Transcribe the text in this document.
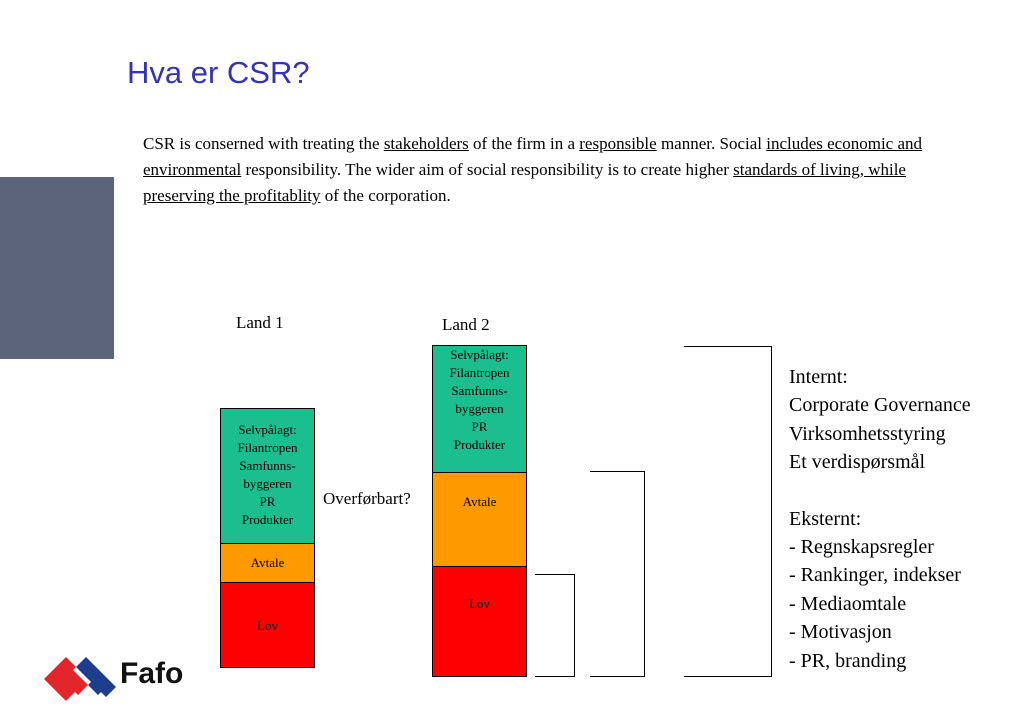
Hva er CSR?

CSR is conserned with treating the stakeholders of the firm in a responsible manner. Social includes economic and environmental responsibility. The wider aim of social responsibility is to create higher standards of living, while preserving the profitablity of the corporation.

Land 1
Selvpålagt:
Filantropen
Samfunns-
byggeren
PR
Produkter
Avtale
Lov
Overførbart?
Land 2
Selvpålagt:
Filantropen
Samfunns-
byggeren
PR
Produkter
Avtale
Lov
Internt:
Corporate Governance
Virksomhetsstyring
Et verdispørsmål
Eksternt:
- Regnskapsregler
- Rankinger, indekser
- Mediaomtale
- Motivasjon
- PR, branding
Fafo
